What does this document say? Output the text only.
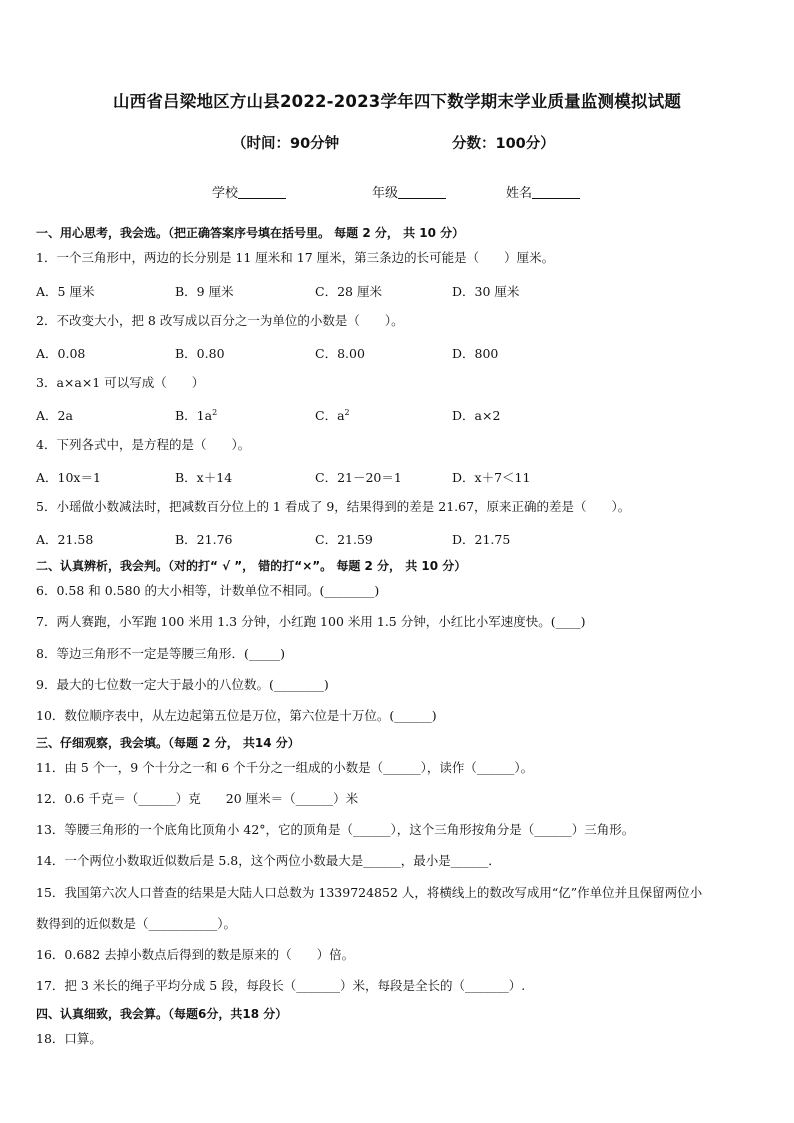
山西省吕梁地区方山县2022-2023学年四下数学期末学业质量监测模拟试题
（时间：90分钟	分数：100分）
学校	年级	姓名
一、用心思考，我会选。（把正确答案序号填在括号里。 每题 2 分， 共 10 分）
1．一个三角形中，两边的长分别是 11 厘米和 17 厘米，第三条边的长可能是（　　）厘米。
A．5 厘米	B．9 厘米	C．28 厘米	D．30 厘米
2．不改变大小，把 8 改写成以百分之一为单位的小数是（　　）。
A．0.08	B．0.80	C．8.00	D．800
3．a×a×1 可以写成（　　）
A．2a	B．$1a^2$	C．$a^2$	D．a×2
4．下列各式中，是方程的是（　　）。
A．10x＝1	B．x＋14	C．21－20＝1	D．x＋7＜11
5．小瑶做小数减法时，把减数百分位上的 1 看成了 9，结果得到的差是 21.67，原来正确的差是（　　）。
A．21.58	B．21.76	C．21.59	D．21.75
二、认真辨析，我会判。（对的打“ √ ”， 错的打“×”。 每题 2 分， 共 10 分）
6．0.58 和 0.580 的大小相等，计数单位不相同。(________)
7．两人赛跑，小军跑 100 米用 1.3 分钟，小红跑 100 米用 1.5 分钟，小红比小军速度快。(____)
8．等边三角形不一定是等腰三角形．(_____)
9．最大的七位数一定大于最小的八位数。(________)
10．数位顺序表中，从左边起第五位是万位，第六位是十万位。(______)
三、仔细观察，我会填。（每题 2 分， 共14 分）
11．由 5 个一，9 个十分之一和 6 个千分之一组成的小数是（______），读作（______）。
12．0.6 千克＝（______）克　　20 厘米＝（______）米
13．等腰三角形的一个底角比顶角小 42°，它的顶角是（______），这个三角形按角分是（______）三角形。
14．一个两位小数取近似数后是 5.8，这个两位小数最大是______，最小是______．
15．我国第六次人口普查的结果是大陆人口总数为 1339724852 人，将横线上的数改写成用“亿”作单位并且保留两位小
数得到的近似数是（___________）。
16．0.682 去掉小数点后得到的数是原来的（　　）倍。
17．把 3 米长的绳子平均分成 5 段，每段长（_______）米，每段是全长的（_______）.
四、认真细致，我会算。（每题6分，共18 分）
18．口算。
